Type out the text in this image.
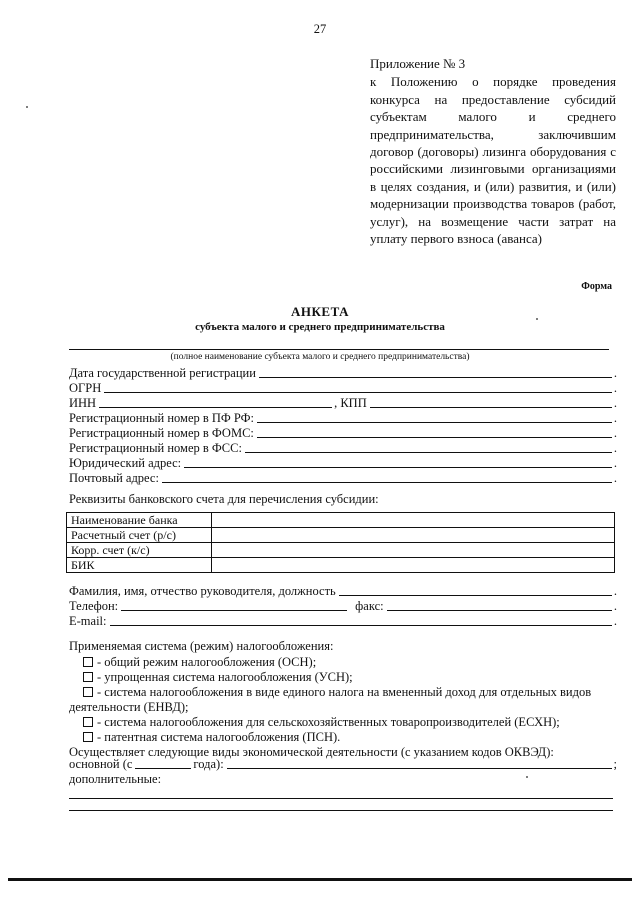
27
Приложение № 3
к Положению о порядке проведения конкурса на предоставление субсидий субъектам малого и среднего предпринимательства, заключившим договор (договоры) лизинга оборудования с российскими лизинговыми организациями в целях создания, и (или) развития, и (или) модернизации производства товаров (работ, услуг), на возмещение части затрат на уплату первого взноса (аванса)
Форма
АНКЕТА
субъекта малого и среднего предпринимательства
(полное наименование субъекта малого и среднего предпринимательства)
Дата государственной регистрации	.
ОГРН	.
ИНН	, КПП	.
Регистрационный номер в ПФ РФ:	.
Регистрационный номер в ФОМС:	.
Регистрационный номер в ФСС:	.
Юридический адрес:	.
Почтовый адрес:	.
Реквизиты банковского счета для перечисления субсидии:
Наименование банка	
Расчетный счет (р/с)	
Корр. счет (к/с)	
БИК	
Фамилия, имя, отчество руководителя, должность	.
Телефон:	факс:	.
E-mail:	.
Применяемая система (режим) налогообложения:
- общий режим налогообложения (ОСН);
- упрощенная система налогообложения (УСН);
- система налогообложения в виде единого налога на вмененный доход для отдельных видов
деятельности (ЕНВД);
- система налогообложения для сельскохозяйственных товаропроизводителей (ЕСХН);
- патентная система налогообложения (ПСН).
Осуществляет следующие виды экономической деятельности (с указанием кодов ОКВЭД):
основной (с	года):	;
дополнительные:
